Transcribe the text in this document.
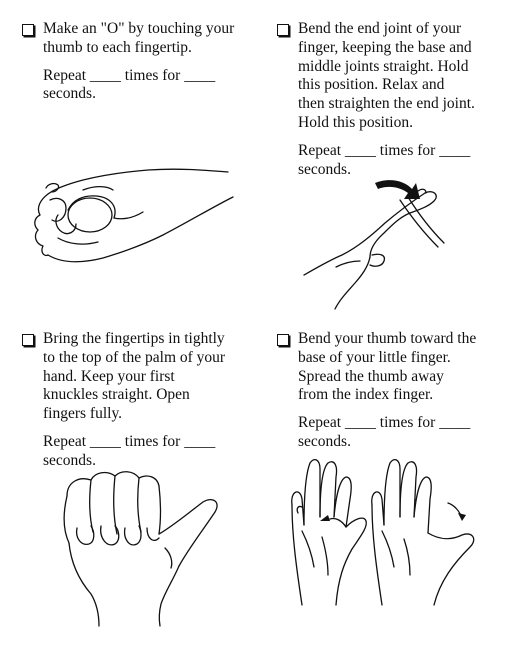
Make an "O" by touching your
thumb to each fingertip.
Repeat ____ times for ____
seconds.
Bend the end joint of your
finger, keeping the base and
middle joints straight. Hold
this position. Relax and
then straighten the end joint.
Hold this position.
Repeat ____ times for ____
seconds.
Bring the fingertips in tightly
to the top of the palm of your
hand. Keep your first
knuckles straight. Open
fingers fully.
Repeat ____ times for ____
seconds.
Bend your thumb toward the
base of your little finger.
Spread the thumb away
from the index finger.
Repeat ____ times for ____
seconds.
